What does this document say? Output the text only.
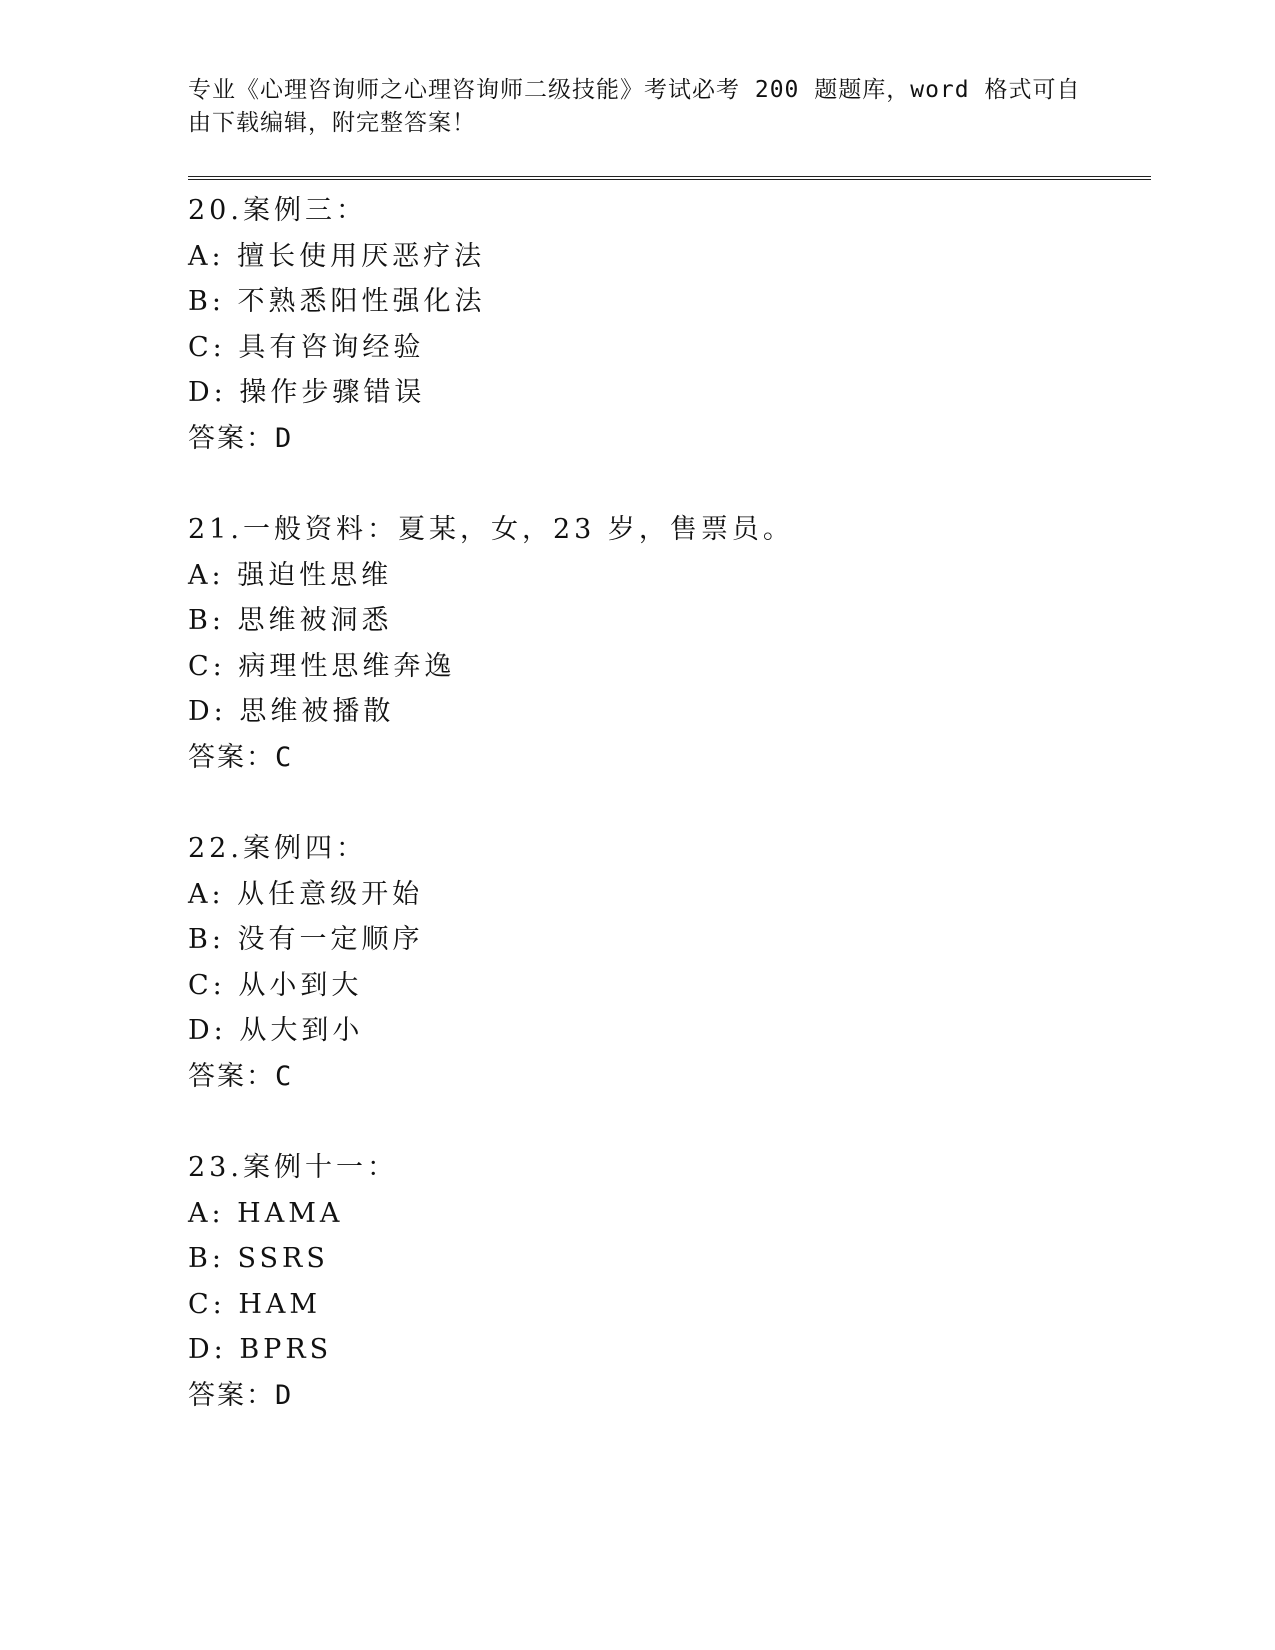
专业《心理咨询师之心理咨询师二级技能》考试必考 200 题题库，word 格式可自
由下载编辑，附完整答案！
20.案例三：
A: 擅长使用厌恶疗法
B: 不熟悉阳性强化法
C: 具有咨询经验
D: 操作步骤错误
答案：D
21.一般资料：夏某，女，23 岁，售票员。
A: 强迫性思维
B: 思维被洞悉
C: 病理性思维奔逸
D: 思维被播散
答案：C
22.案例四：
A: 从任意级开始
B: 没有一定顺序
C: 从小到大
D: 从大到小
答案：C
23.案例十一：
A: HAMA
B: SSRS
C: HAM
D: BPRS
答案：D
